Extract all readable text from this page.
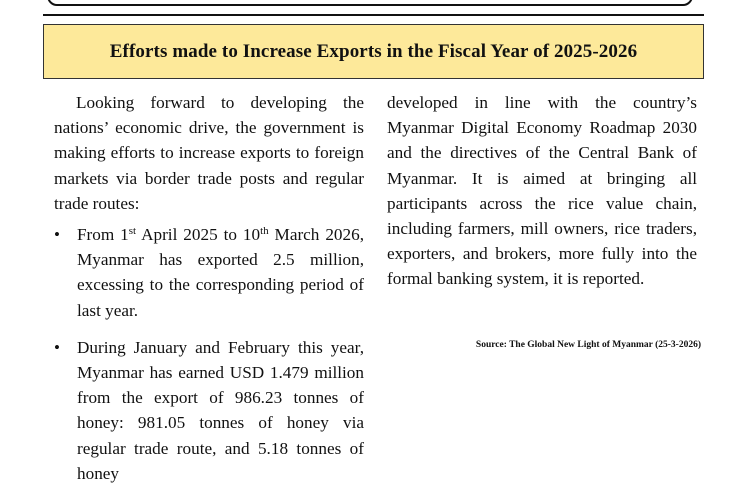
Efforts made to Increase Exports in the Fiscal Year of 2025-2026

Looking forward to developing the nations’ economic drive, the government is making efforts to increase exports to foreign markets via border trade posts and regular trade routes:

• From 1st April 2025 to 10th March 2026, Myanmar has exported 2.5 million, excessing to the corresponding period of last year.
• During January and February this year, Myanmar has earned USD 1.479 million from the export of 986.23 tonnes of honey: 981.05 tonnes of honey via regular trade route, and 5.18 tonnes of honey

developed in line with the country’s Myanmar Digital Economy Roadmap 2030 and the directives of the Central Bank of Myanmar. It is aimed at bringing all participants across the rice value chain, including farmers, mill owners, rice traders, exporters, and brokers, more fully into the formal banking system, it is reported.

Source: The Global New Light of Myanmar (25-3-2026)
